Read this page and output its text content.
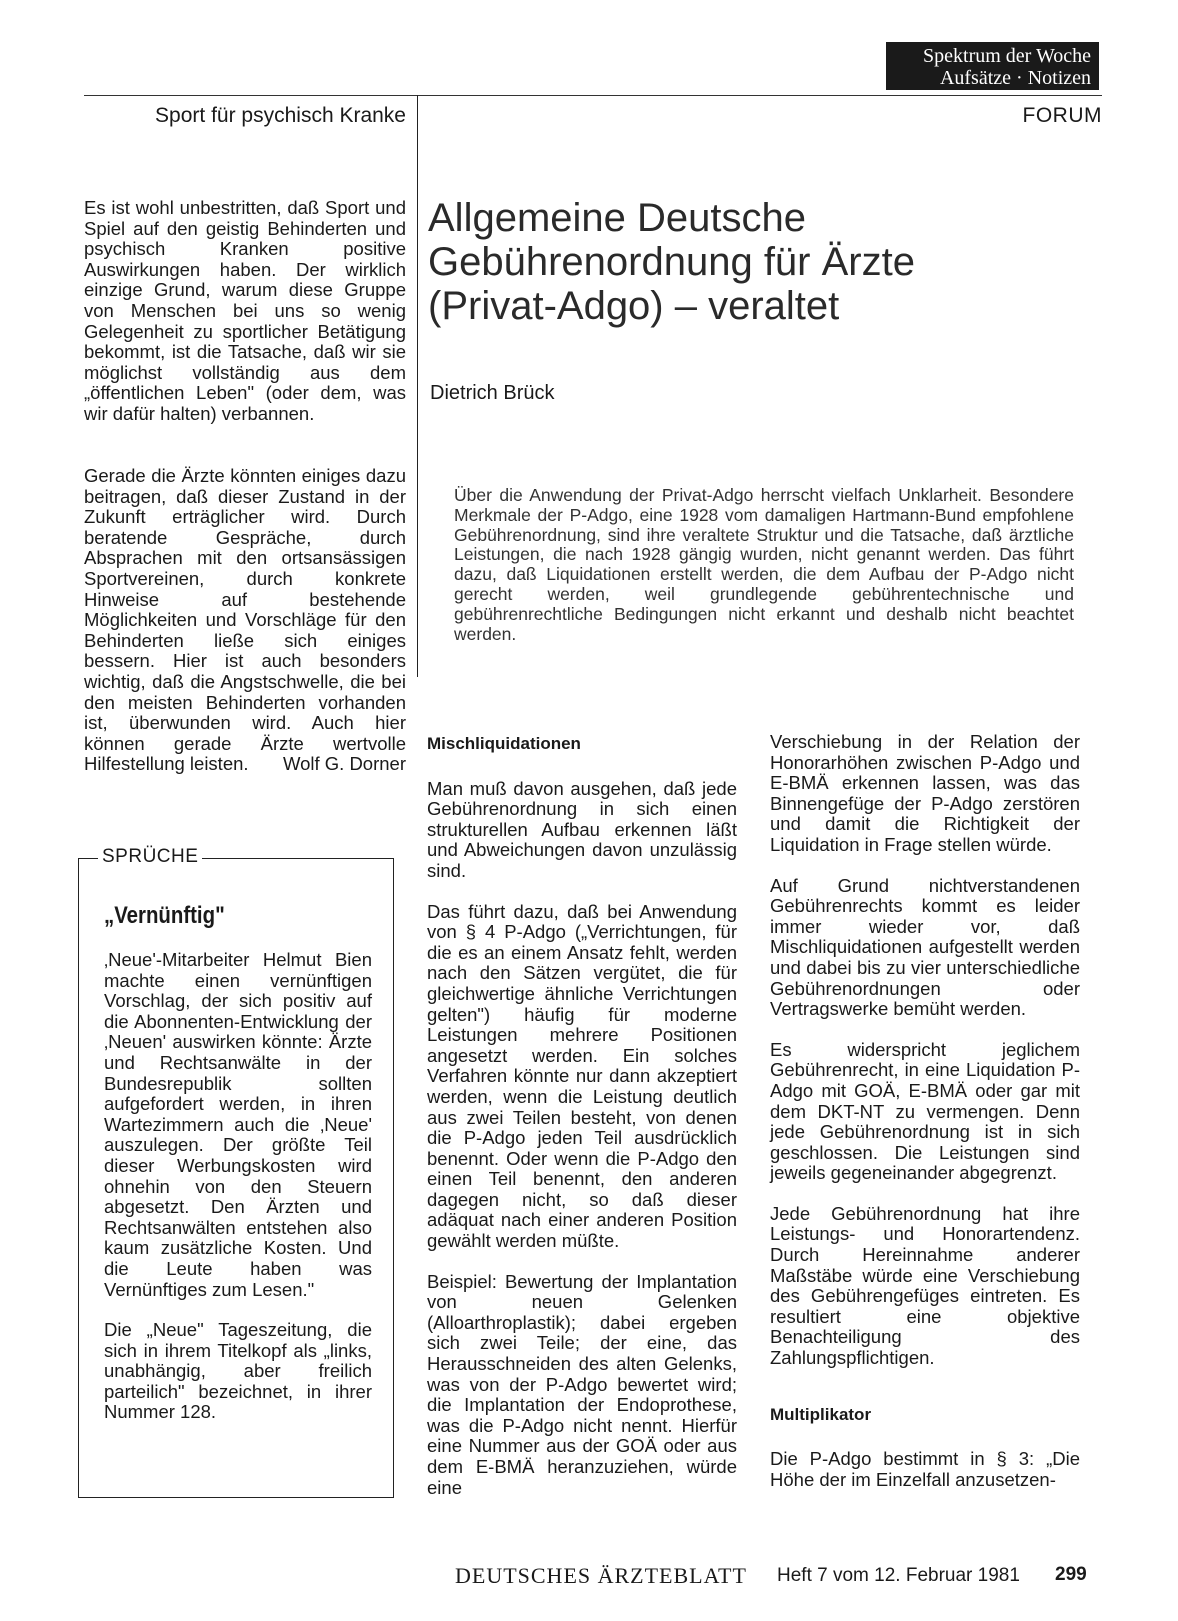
Spektrum der Woche
Aufsätze · Notizen
Sport für psychisch Kranke	FORUM

Es ist wohl unbestritten, daß Sport und Spiel auf den geistig Behinderten und psychisch Kranken positive Auswirkungen haben. Der wirklich einzige Grund, warum diese Gruppe von Menschen bei uns so wenig Gelegenheit zu sportlicher Betätigung bekommt, ist die Tatsache, daß wir sie möglichst vollständig aus dem „öffentlichen Leben" (oder dem, was wir dafür halten) verbannen.

Gerade die Ärzte könnten einiges dazu beitragen, daß dieser Zustand in der Zukunft erträglicher wird. Durch beratende Gespräche, durch Absprachen mit den ortsansässigen Sportvereinen, durch konkrete Hinweise auf bestehende Möglichkeiten und Vorschläge für den Behinderten ließe sich einiges bessern. Hier ist auch besonders wichtig, daß die Angstschwelle, die bei den meisten Behinderten vorhanden ist, überwunden wird. Auch hier können gerade Ärzte wertvolle Hilfestellung leisten. Wolf G. Dorner

SPRÜCHE
„Vernünftig"

‚Neue'-Mitarbeiter Helmut Bien machte einen vernünftigen Vorschlag, der sich positiv auf die Abonnenten-Entwicklung der ‚Neuen' auswirken könnte: Ärzte und Rechtsanwälte in der Bundesrepublik sollten aufgefordert werden, in ihren Wartezimmern auch die ‚Neue' auszulegen. Der größte Teil dieser Werbungskosten wird ohnehin von den Steuern abgesetzt. Den Ärzten und Rechtsanwälten entstehen also kaum zusätzliche Kosten. Und die Leute haben was Vernünftiges zum Lesen."

Die „Neue" Tageszeitung, die sich in ihrem Titelkopf als „links, unabhängig, aber freilich parteilich" bezeichnet, in ihrer Nummer 128.

Allgemeine Deutsche
Gebührenordnung für Ärzte
(Privat-Adgo) – veraltet
Dietrich Brück

Über die Anwendung der Privat-Adgo herrscht vielfach Unklarheit. Besondere Merkmale der P-Adgo, eine 1928 vom damaligen Hartmann-Bund empfohlene Gebührenordnung, sind ihre veraltete Struktur und die Tatsache, daß ärztliche Leistungen, die nach 1928 gängig wurden, nicht genannt werden. Das führt dazu, daß Liquidationen erstellt werden, die dem Aufbau der P-Adgo nicht gerecht werden, weil grundlegende gebührentechnische und gebührenrechtliche Bedingungen nicht erkannt und deshalb nicht beachtet werden.

Mischliquidationen

Man muß davon ausgehen, daß jede Gebührenordnung in sich einen strukturellen Aufbau erkennen läßt und Abweichungen davon unzulässig sind.

Das führt dazu, daß bei Anwendung von § 4 P-Adgo („Verrichtungen, für die es an einem Ansatz fehlt, werden nach den Sätzen vergütet, die für gleichwertige ähnliche Verrichtungen gelten") häufig für moderne Leistungen mehrere Positionen angesetzt werden. Ein solches Verfahren könnte nur dann akzeptiert werden, wenn die Leistung deutlich aus zwei Teilen besteht, von denen die P-Adgo jeden Teil ausdrücklich benennt. Oder wenn die P-Adgo den einen Teil benennt, den anderen dagegen nicht, so daß dieser adäquat nach einer anderen Position gewählt werden müßte.

Beispiel: Bewertung der Implantation von neuen Gelenken (Alloarthroplastik); dabei ergeben sich zwei Teile; der eine, das Herausschneiden des alten Gelenks, was von der P-Adgo bewertet wird; die Implantation der Endoprothese, was die P-Adgo nicht nennt. Hierfür eine Nummer aus der GOÄ oder aus dem E-BMÄ heranzuziehen, würde eine

Verschiebung in der Relation der Honorarhöhen zwischen P-Adgo und E-BMÄ erkennen lassen, was das Binnengefüge der P-Adgo zerstören und damit die Richtigkeit der Liquidation in Frage stellen würde.

Auf Grund nichtverstandenen Gebührenrechts kommt es leider immer wieder vor, daß Mischliquidationen aufgestellt werden und dabei bis zu vier unterschiedliche Gebührenordnungen oder Vertragswerke bemüht werden.

Es widerspricht jeglichem Gebührenrecht, in eine Liquidation P-Adgo mit GOÄ, E-BMÄ oder gar mit dem DKT-NT zu vermengen. Denn jede Gebührenordnung ist in sich geschlossen. Die Leistungen sind jeweils gegeneinander abgegrenzt.

Jede Gebührenordnung hat ihre Leistungs- und Honorartendenz. Durch Hereinnahme anderer Maßstäbe würde eine Verschiebung des Gebührengefüges eintreten. Es resultiert eine objektive Benachteiligung des Zahlungspflichtigen.

Multiplikator

Die P-Adgo bestimmt in § 3: „Die Höhe der im Einzelfall anzusetzen-

DEUTSCHES ÄRZTEBLATT Heft 7 vom 12. Februar 1981 299
